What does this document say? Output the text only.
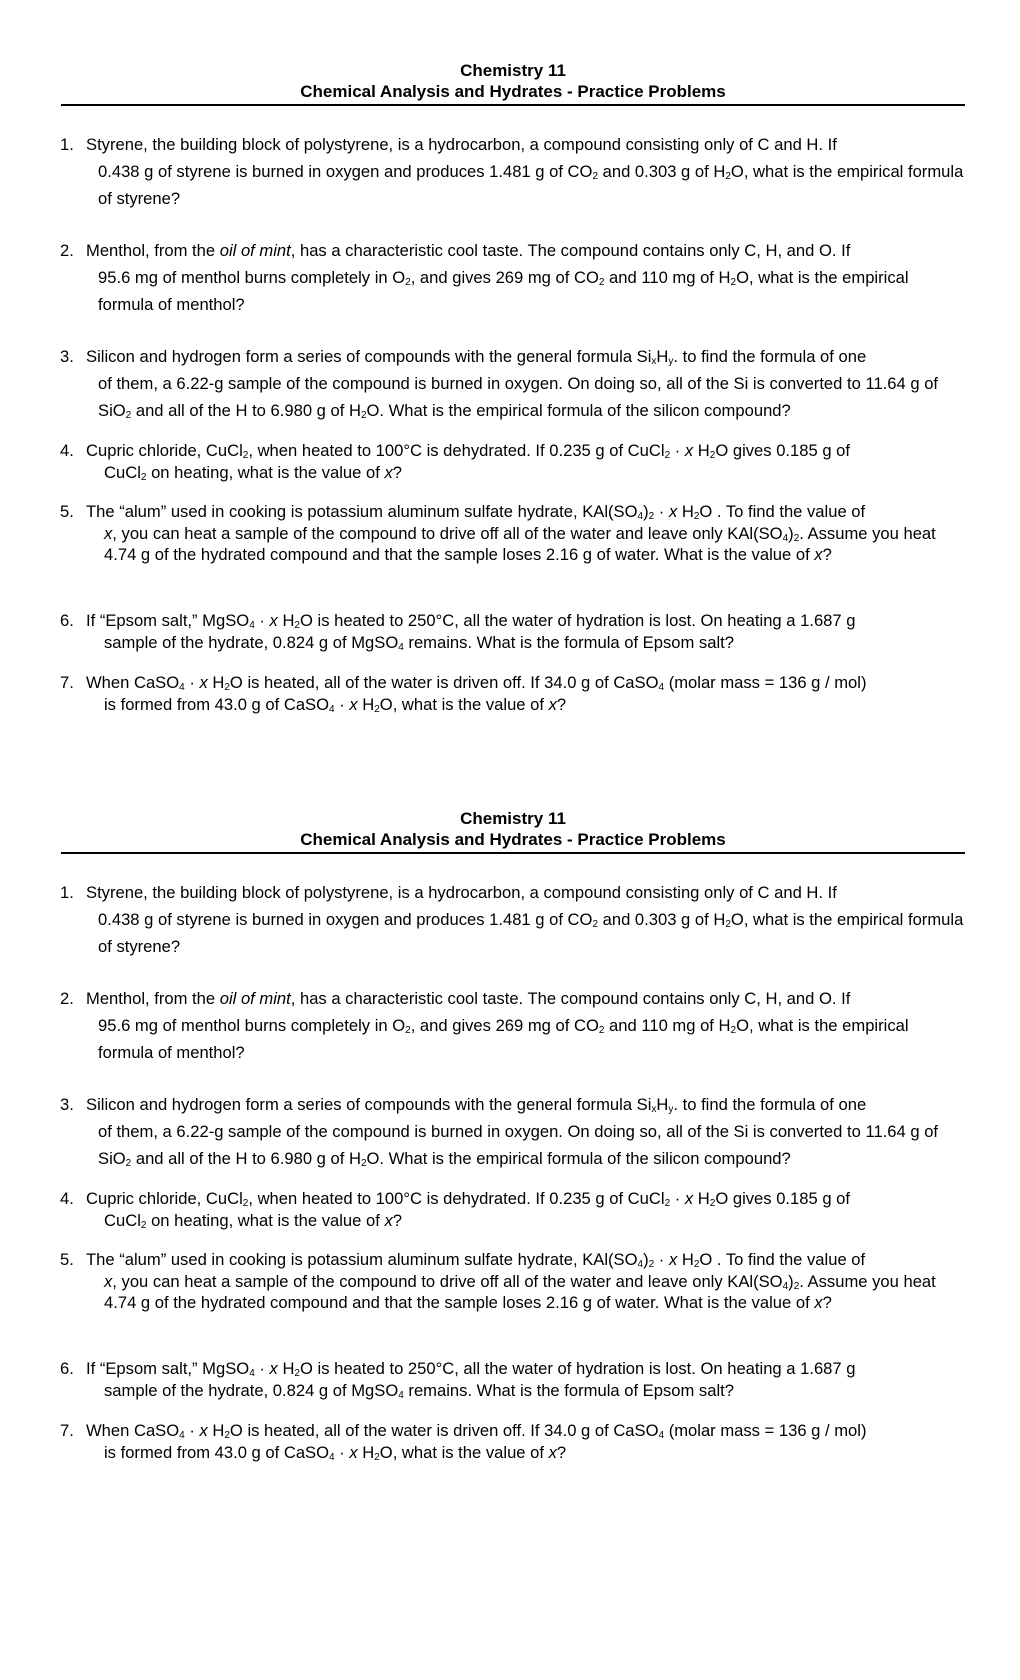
Chemistry 11
Chemical Analysis and Hydrates - Practice Problems
1. Styrene, the building block of polystyrene, is a hydrocarbon, a compound consisting only of C and H. If
0.438 g of styrene is burned in oxygen and produces 1.481 g of $CO_2$ and 0.303 g of $H_2O$, what is the empirical formula of styrene?
2. Menthol, from the oil of mint, has a characteristic cool taste. The compound contains only C, H, and O. If
95.6 mg of menthol burns completely in $O_2$, and gives 269 mg of $CO_2$ and 110 mg of $H_2O$, what is the empirical formula of menthol?
3. Silicon and hydrogen form a series of compounds with the general formula $Si_xH_y$. to find the formula of one
of them, a 6.22-g sample of the compound is burned in oxygen. On doing so, all of the Si is converted to 11.64 g of SiO$_2$ and all of the H to 6.980 g of $H_2O$. What is the empirical formula of the silicon compound?
4. Cupric chloride, CuCl$_2$, when heated to 100°C is dehydrated. If 0.235 g of CuCl$_2$ · x $H_2O$ gives 0.185 g of
CuCl$_2$ on heating, what is the value of x?
5. The “alum” used in cooking is potassium aluminum sulfate hydrate, $KAl(SO_4)_2 \cdot x$ $H_2O$ . To find the value of
x, you can heat a sample of the compound to drive off all of the water and leave only $KAl(SO_4)_2$. Assume you heat 4.74 g of the hydrated compound and that the sample loses 2.16 g of water. What is the value of x?
6. If “Epsom salt,” MgSO$_4$ · x $H_2O$ is heated to 250°C, all the water of hydration is lost. On heating a 1.687 g
sample of the hydrate, 0.824 g of MgSO$_4$ remains. What is the formula of Epsom salt?
7. When CaSO$_4$ · x $H_2O$ is heated, all of the water is driven off. If 34.0 g of CaSO$_4$ (molar mass = 136 g / mol)
is formed from 43.0 g of CaSO$_4$ · x $H_2O$, what is the value of x?
Chemistry 11
Chemical Analysis and Hydrates - Practice Problems
1. Styrene, the building block of polystyrene, is a hydrocarbon, a compound consisting only of C and H. If
0.438 g of styrene is burned in oxygen and produces 1.481 g of $CO_2$ and 0.303 g of $H_2O$, what is the empirical formula of styrene?
2. Menthol, from the oil of mint, has a characteristic cool taste. The compound contains only C, H, and O. If
95.6 mg of menthol burns completely in $O_2$, and gives 269 mg of $CO_2$ and 110 mg of $H_2O$, what is the empirical formula of menthol?
3. Silicon and hydrogen form a series of compounds with the general formula $Si_xH_y$. to find the formula of one
of them, a 6.22-g sample of the compound is burned in oxygen. On doing so, all of the Si is converted to 11.64 g of SiO$_2$ and all of the H to 6.980 g of $H_2O$. What is the empirical formula of the silicon compound?
4. Cupric chloride, CuCl$_2$, when heated to 100°C is dehydrated. If 0.235 g of CuCl$_2$ · x $H_2O$ gives 0.185 g of
CuCl$_2$ on heating, what is the value of x?
5. The “alum” used in cooking is potassium aluminum sulfate hydrate, $KAl(SO_4)_2 \cdot x$ $H_2O$ . To find the value of
x, you can heat a sample of the compound to drive off all of the water and leave only $KAl(SO_4)_2$. Assume you heat 4.74 g of the hydrated compound and that the sample loses 2.16 g of water. What is the value of x?
6. If “Epsom salt,” MgSO$_4$ · x $H_2O$ is heated to 250°C, all the water of hydration is lost. On heating a 1.687 g
sample of the hydrate, 0.824 g of MgSO$_4$ remains. What is the formula of Epsom salt?
7. When CaSO$_4$ · x $H_2O$ is heated, all of the water is driven off. If 34.0 g of CaSO$_4$ (molar mass = 136 g / mol)
is formed from 43.0 g of CaSO$_4$ · x $H_2O$, what is the value of x?
